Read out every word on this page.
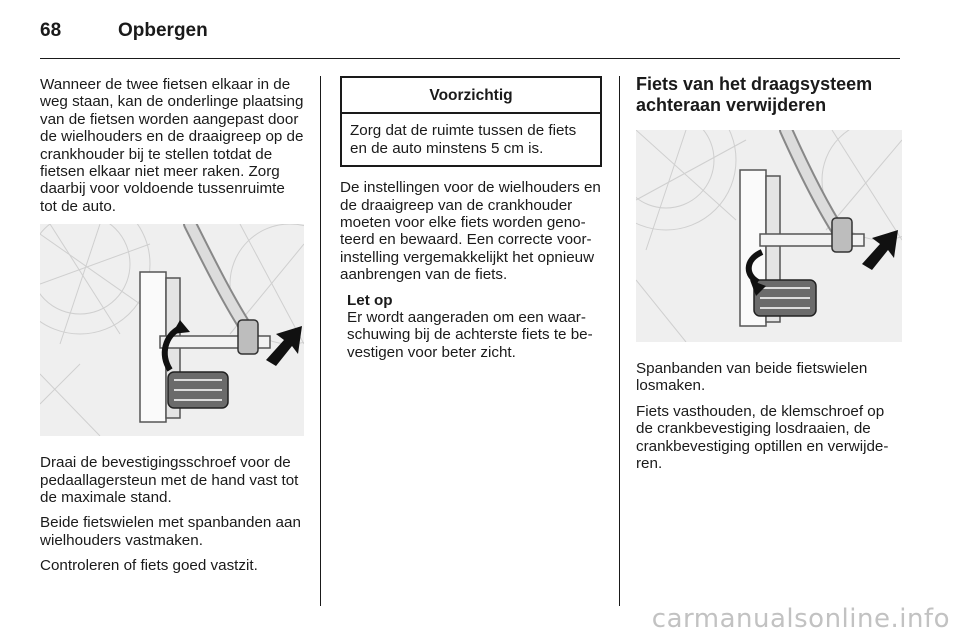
68	Opbergen

Wanneer de twee fietsen elkaar in de weg staan, kan de onderlinge plaatsing van de fietsen worden aangepast door de wielhouders en de draaigreep op de crankhouder bij te stellen totdat de fietsen elkaar niet meer raken. Zorg daarbij voor voldoende tussenruimte tot de auto.

Draai de bevestigingsschroef voor de pedaallagersteun met de hand vast tot de maximale stand.

Beide fietswielen met spanbanden aan wielhouders vastmaken.

Controleren of fiets goed vastzit.

Voorzichtig
Zorg dat de ruimte tussen de fiets en de auto minstens 5 cm is.

De instellingen voor de wielhouders en de draaigreep van de crankhouder moeten voor elke fiets worden genoteerd en bewaard. Een correcte voorinstelling vergemakkelijkt het opnieuw aanbrengen van de fiets.

Let op
Er wordt aangeraden om een waarschuwing bij de achterste fiets te bevestigen voor beter zicht.
Fiets van het draagsysteem achteraan verwijderen

Spanbanden van beide fietswielen losmaken.

Fiets vasthouden, de klemschroef op de crankbevestiging losdraaien, de crankbevestiging optillen en verwijderen.

carmanualsonline.info
